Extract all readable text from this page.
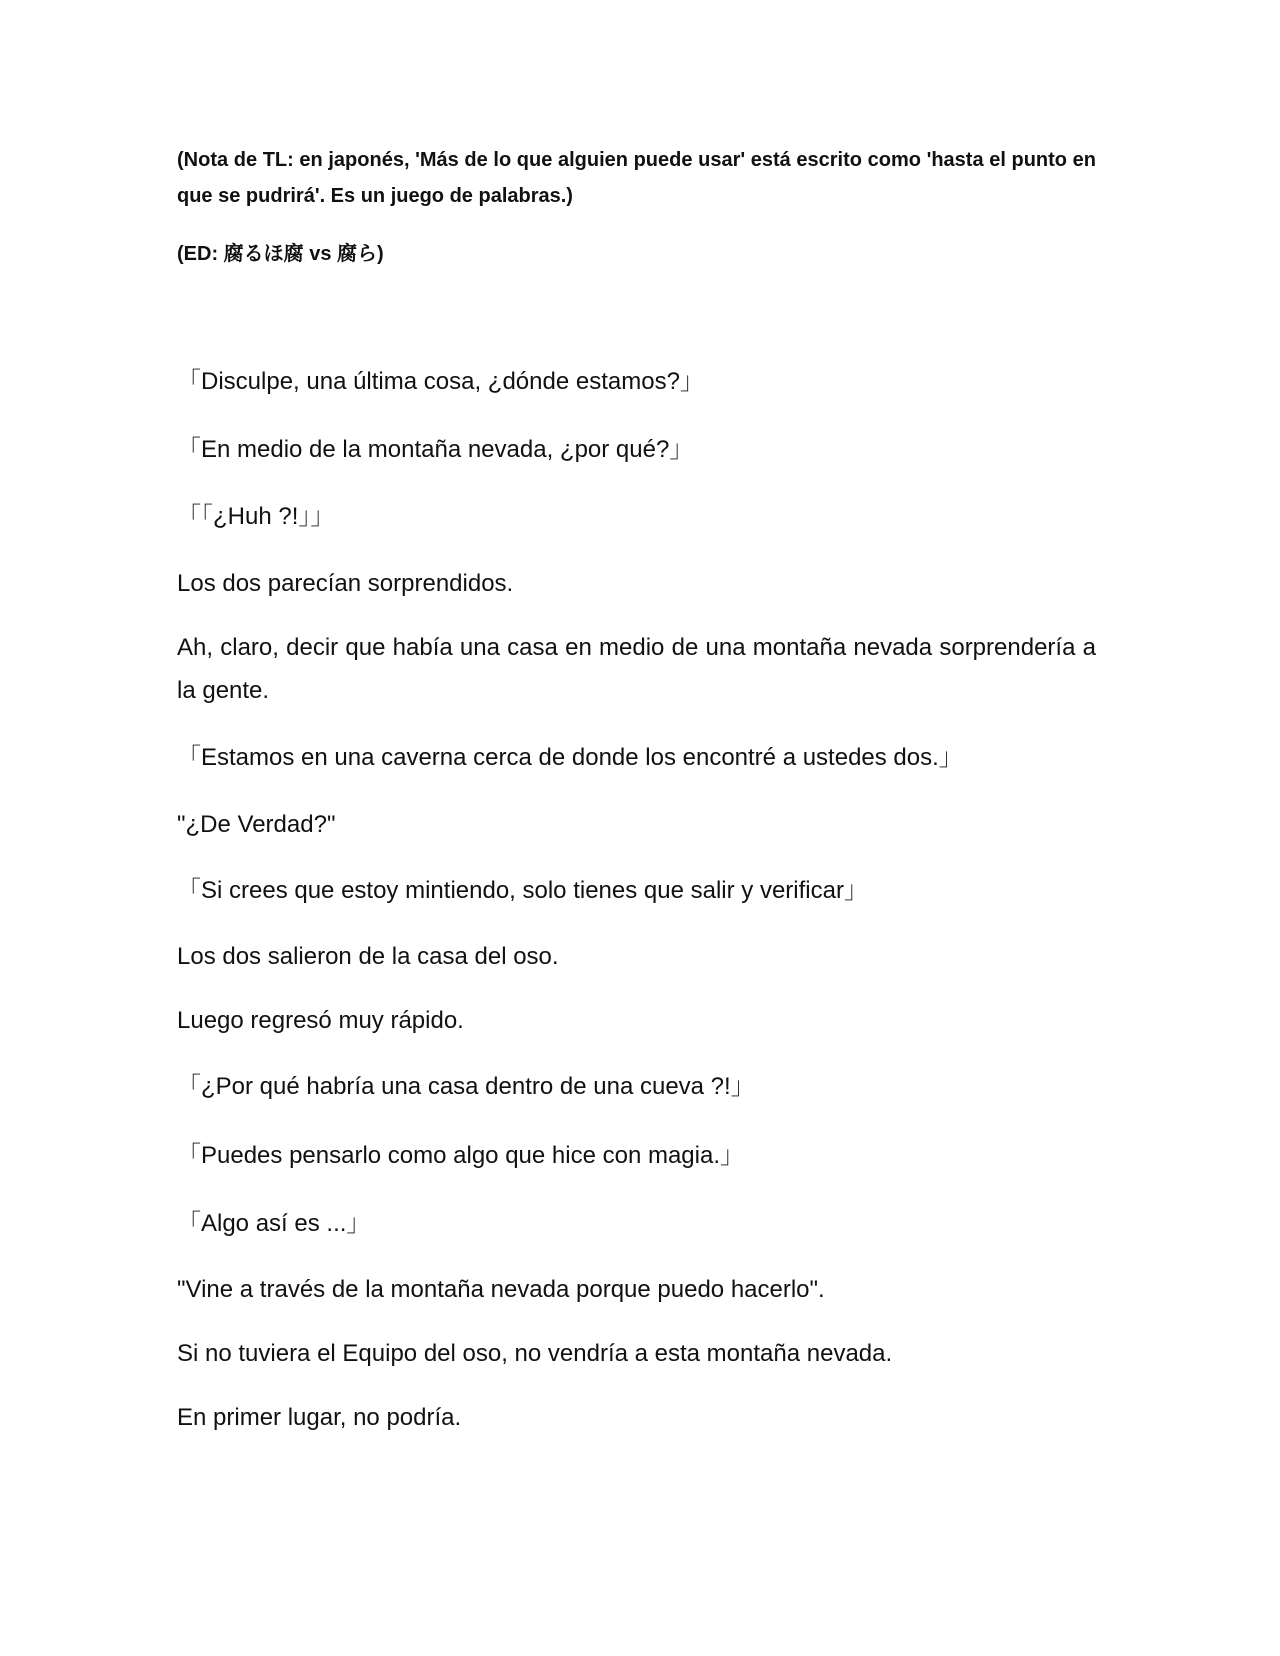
(Nota de TL: en japonés, 'Más de lo que alguien puede usar' está escrito como 'hasta el punto en que se pudrirá'. Es un juego de palabras.)

(ED: 腐るほ腐 vs 腐ら)

「Disculpe, una última cosa, ¿dónde estamos?」

「En medio de la montaña nevada, ¿por qué?」

「「¿Huh ?!」」

Los dos parecían sorprendidos.

Ah, claro, decir que había una casa en medio de una montaña nevada sorprendería a la gente.

「Estamos en una caverna cerca de donde los encontré a ustedes dos.」

"¿De Verdad?"

「Si crees que estoy mintiendo, solo tienes que salir y verificar」

Los dos salieron de la casa del oso.

Luego regresó muy rápido.

「¿Por qué habría una casa dentro de una cueva ?!」

「Puedes pensarlo como algo que hice con magia.」

「Algo así es ...」

"Vine a través de la montaña nevada porque puedo hacerlo".

Si no tuviera el Equipo del oso, no vendría a esta montaña nevada.

En primer lugar, no podría.
